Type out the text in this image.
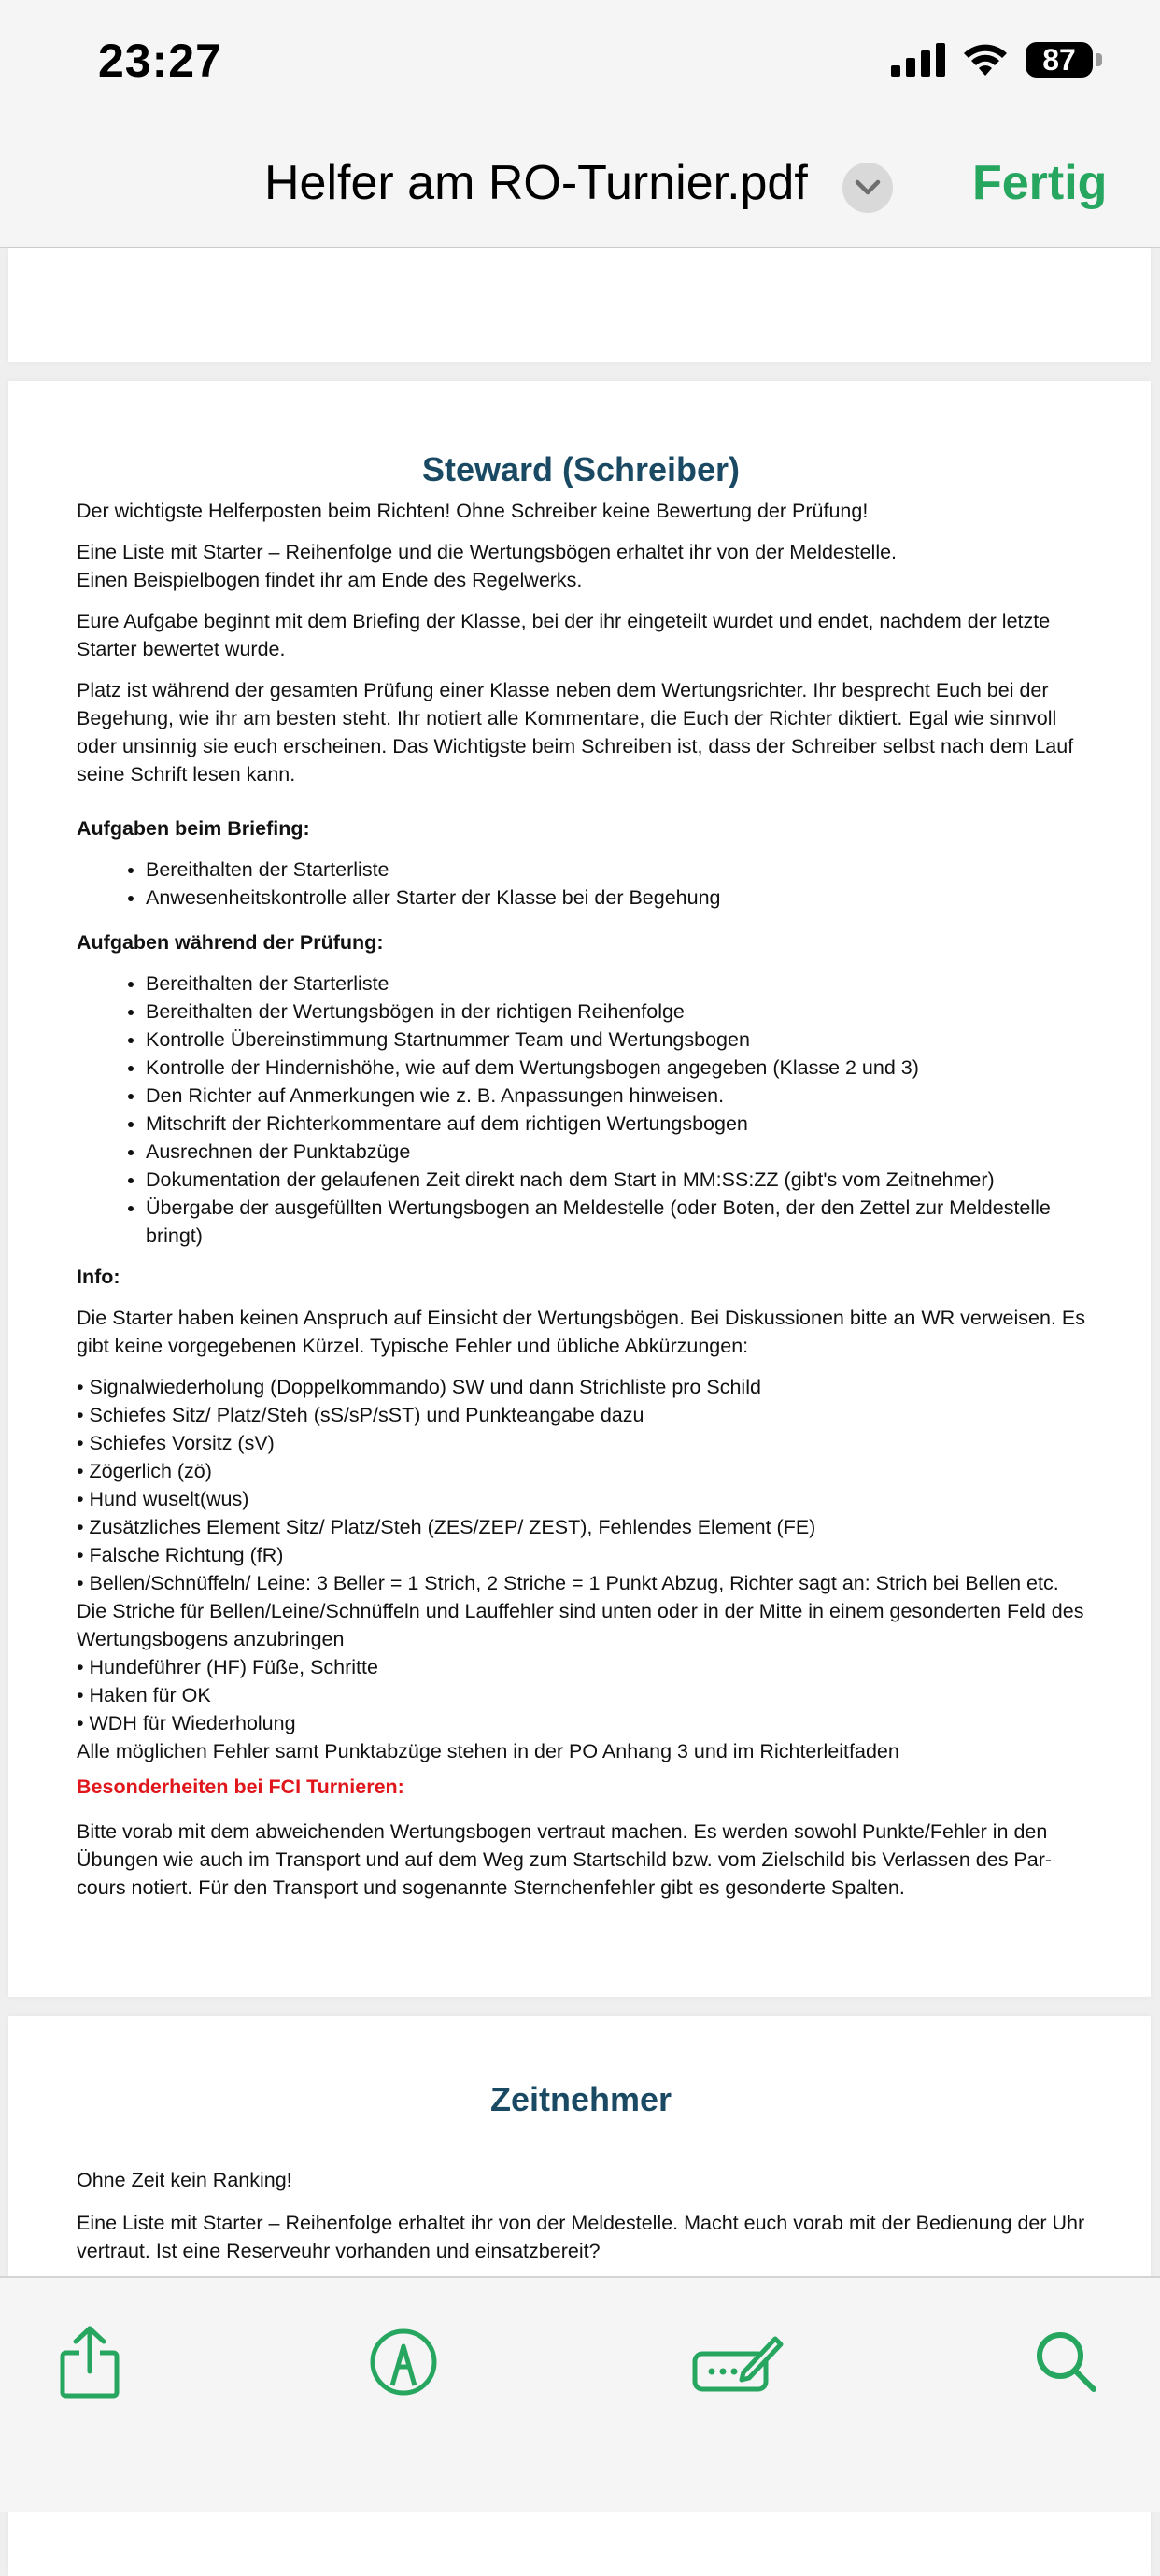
23:27	87
Helfer am RO-Turnier.pdf	Fertig
Steward (Schreiber)

Der wichtigste Helferposten beim Richten! Ohne Schreiber keine Bewertung der Prüfung!

Eine Liste mit Starter – Reihenfolge und die Wertungsbögen erhaltet ihr von der Meldestelle.
Einen Beispielbogen findet ihr am Ende des Regelwerks.

Eure Aufgabe beginnt mit dem Briefing der Klasse, bei der ihr eingeteilt wurdet und endet, nachdem der letzte Starter bewertet wurde.

Platz ist während der gesamten Prüfung einer Klasse neben dem Wertungsrichter. Ihr besprecht Euch bei der Begehung, wie ihr am besten steht. Ihr notiert alle Kommentare, die Euch der Richter diktiert. Egal wie sinnvoll oder unsinnig sie euch erscheinen. Das Wichtigste beim Schreiben ist, dass der Schreiber selbst nach dem Lauf seine Schrift lesen kann.

Aufgaben beim Briefing:

• Bereithalten der Starterliste
• Anwesenheitskontrolle aller Starter der Klasse bei der Begehung

Aufgaben während der Prüfung:

• Bereithalten der Starterliste
• Bereithalten der Wertungsbögen in der richtigen Reihenfolge
• Kontrolle Übereinstimmung Startnummer Team und Wertungsbogen
• Kontrolle der Hindernishöhe, wie auf dem Wertungsbogen angegeben (Klasse 2 und 3)
• Den Richter auf Anmerkungen wie z. B. Anpassungen hinweisen.
• Mitschrift der Richterkommentare auf dem richtigen Wertungsbogen
• Ausrechnen der Punktabzüge
• Dokumentation der gelaufenen Zeit direkt nach dem Start in MM:SS:ZZ (gibt's vom Zeitnehmer)
• Übergabe der ausgefüllten Wertungsbogen an Meldestelle (oder Boten, der den Zettel zur Meldestelle bringt)

Info:

Die Starter haben keinen Anspruch auf Einsicht der Wertungsbögen. Bei Diskussionen bitte an WR verweisen. Es gibt keine vorgegebenen Kürzel. Typische Fehler und übliche Abkürzungen:

• Signalwiederholung (Doppelkommando) SW und dann Strichliste pro Schild
• Schiefes Sitz/ Platz/Steh (sS/sP/sST) und Punkteangabe dazu
• Schiefes Vorsitz (sV)
• Zögerlich (zö)
• Hund wuselt(wus)
• Zusätzliches Element Sitz/ Platz/Steh (ZES/ZEP/ ZEST), Fehlendes Element (FE)
• Falsche Richtung (fR)
• Bellen/Schnüffeln/ Leine: 3 Beller = 1 Strich, 2 Striche = 1 Punkt Abzug, Richter sagt an: Strich bei Bellen etc.
Die Striche für Bellen/Leine/Schnüffeln und Lauffehler sind unten oder in der Mitte in einem gesonderten Feld des Wertungsbogens anzubringen
• Hundeführer (HF) Füße, Schritte
• Haken für OK
• WDH für Wiederholung
Alle möglichen Fehler samt Punktabzüge stehen in der PO Anhang 3 und im Richterleitfaden

Besonderheiten bei FCI Turnieren:

Bitte vorab mit dem abweichenden Wertungsbogen vertraut machen. Es werden sowohl Punkte/Fehler in den Übungen wie auch im Transport und auf dem Weg zum Startschild bzw. vom Zielschild bis Verlassen des Par-cours notiert. Für den Transport und sogenannte Sternchenfehler gibt es gesonderte Spalten.

Zeitnehmer

Ohne Zeit kein Ranking!

Eine Liste mit Starter – Reihenfolge erhaltet ihr von der Meldestelle. Macht euch vorab mit der Bedienung der Uhr vertraut. Ist eine Reserveuhr vorhanden und einsatzbereit?
